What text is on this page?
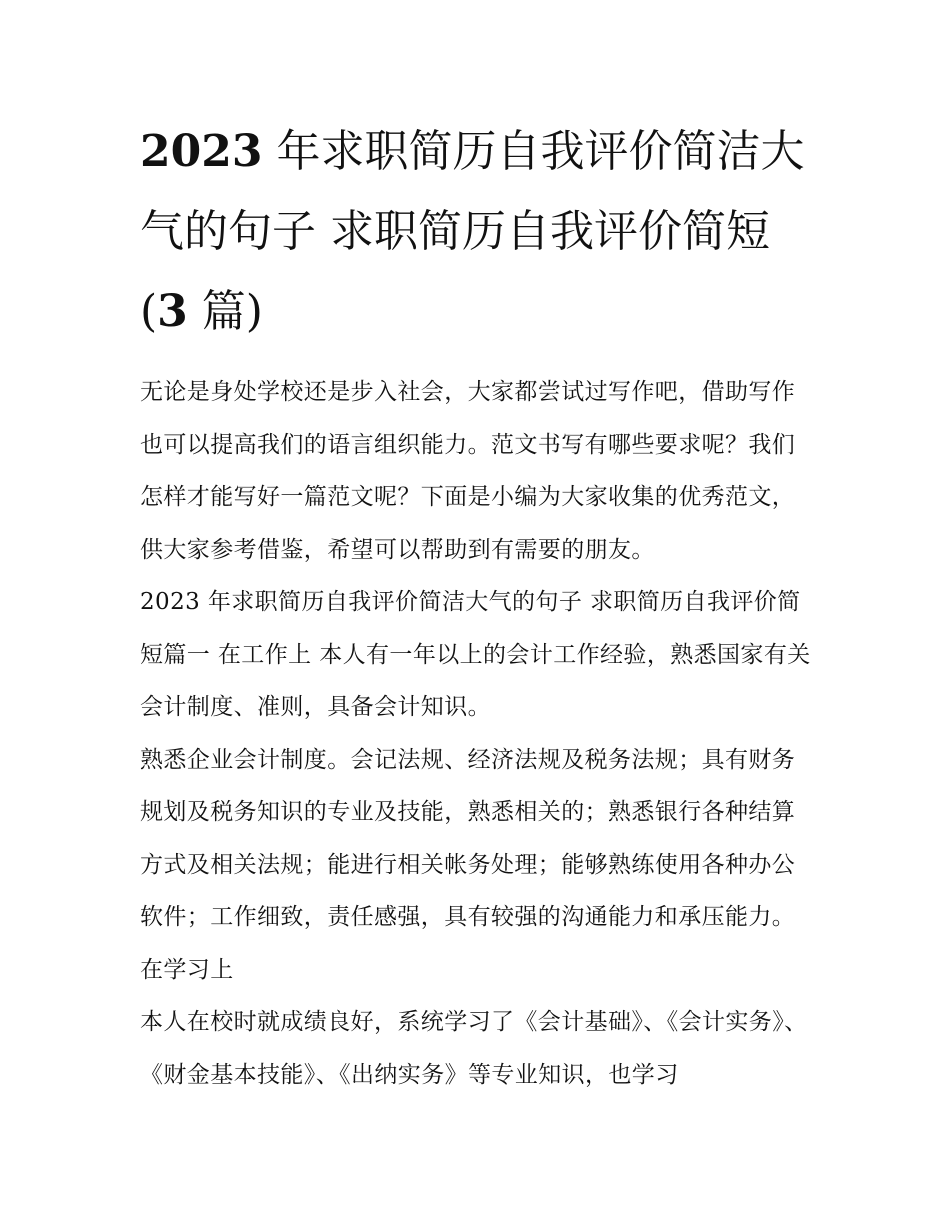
2023 年求职简历自我评价简洁大气的句子 求职简历自我评价简短(3 篇)

无论是身处学校还是步入社会，大家都尝试过写作吧，借助写作也可以提高我们的语言组织能力。范文书写有哪些要求呢？我们怎样才能写好一篇范文呢？下面是小编为大家收集的优秀范文，供大家参考借鉴，希望可以帮助到有需要的朋友。

2023 年求职简历自我评价简洁大气的句子 求职简历自我评价简短篇一 在工作上 本人有一年以上的会计工作经验，熟悉国家有关会计制度、准则，具备会计知识。

熟悉企业会计制度。会记法规、经济法规及税务法规；具有财务规划及税务知识的专业及技能，熟悉相关的；熟悉银行各种结算方式及相关法规；能进行相关帐务处理；能够熟练使用各种办公软件；工作细致，责任感强，具有较强的沟通能力和承压能力。

在学习上

本人在校时就成绩良好，系统学习了《会计基础》、《会计实务》、《财金基本技能》、《出纳实务》等专业知识，也学习
